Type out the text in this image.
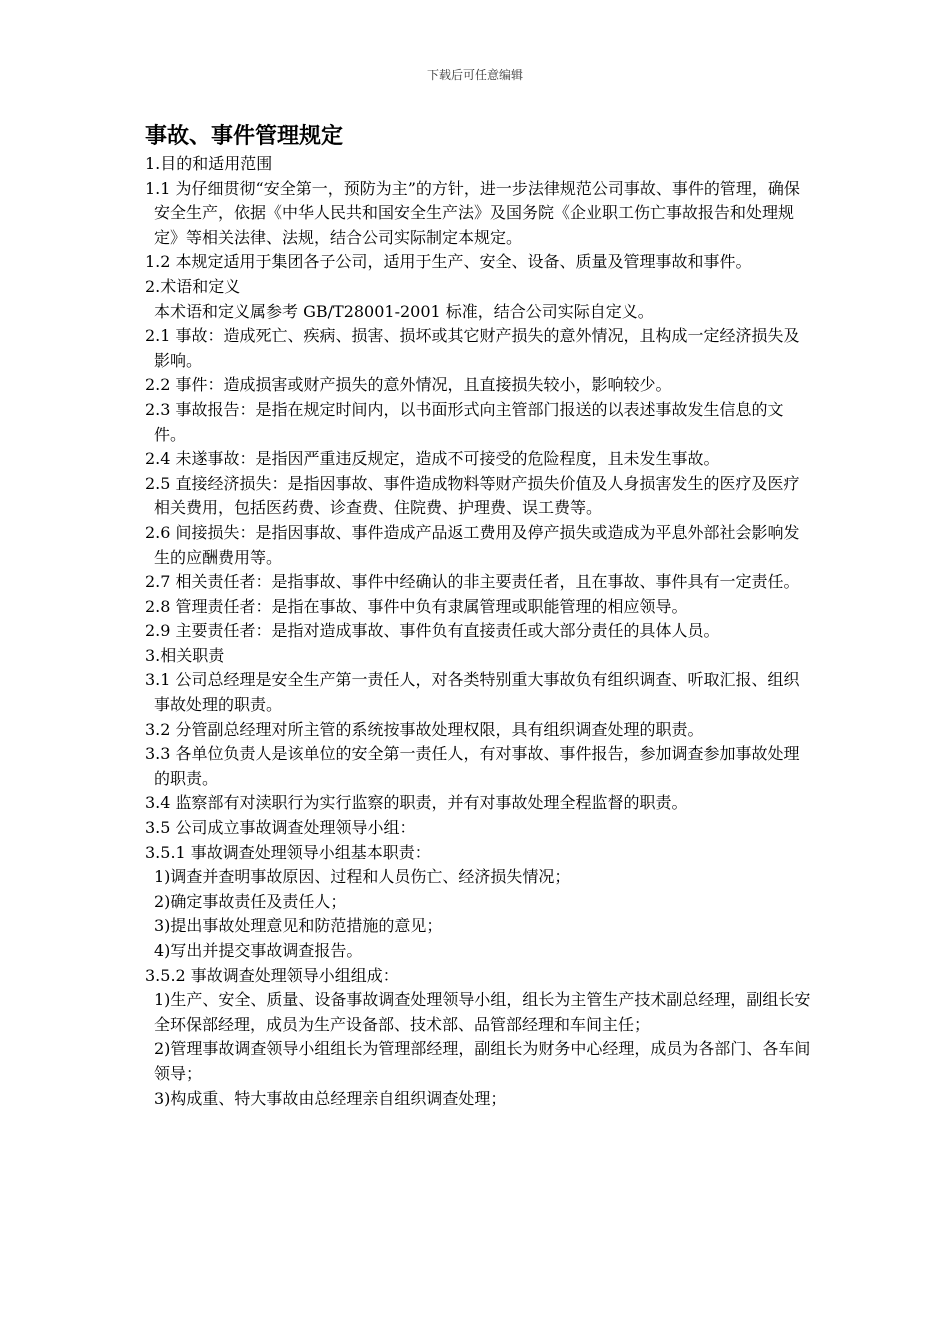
下载后可任意编辑
事故、事件管理规定

1.目的和适用范围

1.1 为仔细贯彻“安全第一，预防为主”的方针，进一步法律规范公司事故、事件的管理，确保安全生产，依据《中华人民共和国安全生产法》及国务院《企业职工伤亡事故报告和处理规定》等相关法律、法规，结合公司实际制定本规定。

1.2 本规定适用于集团各子公司，适用于生产、安全、设备、质量及管理事故和事件。

2.术语和定义

本术语和定义属参考 GB/T28001-2001 标准，结合公司实际自定义。

2.1 事故：造成死亡、疾病、损害、损坏或其它财产损失的意外情况，且构成一定经济损失及影响。

2.2 事件：造成损害或财产损失的意外情况，且直接损失较小，影响较少。

2.3 事故报告：是指在规定时间内，以书面形式向主管部门报送的以表述事故发生信息的文件。

2.4 未遂事故：是指因严重违反规定，造成不可接受的危险程度，且未发生事故。

2.5 直接经济损失：是指因事故、事件造成物料等财产损失价值及人身损害发生的医疗及医疗相关费用，包括医药费、诊查费、住院费、护理费、误工费等。

2.6 间接损失：是指因事故、事件造成产品返工费用及停产损失或造成为平息外部社会影响发生的应酬费用等。

2.7 相关责任者：是指事故、事件中经确认的非主要责任者，且在事故、事件具有一定责任。

2.8 管理责任者：是指在事故、事件中负有隶属管理或职能管理的相应领导。

2.9 主要责任者：是指对造成事故、事件负有直接责任或大部分责任的具体人员。

3.相关职责

3.1 公司总经理是安全生产第一责任人，对各类特别重大事故负有组织调查、听取汇报、组织事故处理的职责。

3.2 分管副总经理对所主管的系统按事故处理权限，具有组织调查处理的职责。

3.3 各单位负责人是该单位的安全第一责任人，有对事故、事件报告，参加调查参加事故处理的职责。

3.4 监察部有对渎职行为实行监察的职责，并有对事故处理全程监督的职责。

3.5 公司成立事故调查处理领导小组：

3.5.1 事故调查处理领导小组基本职责：

1)调查并查明事故原因、过程和人员伤亡、经济损失情况；

2)确定事故责任及责任人；

3)提出事故处理意见和防范措施的意见；

4)写出并提交事故调查报告。

3.5.2 事故调查处理领导小组组成：

1)生产、安全、质量、设备事故调查处理领导小组，组长为主管生产技术副总经理，副组长安全环保部经理，成员为生产设备部、技术部、品管部经理和车间主任；

2)管理事故调查领导小组组长为管理部经理，副组长为财务中心经理，成员为各部门、各车间领导；

3)构成重、特大事故由总经理亲自组织调查处理；
